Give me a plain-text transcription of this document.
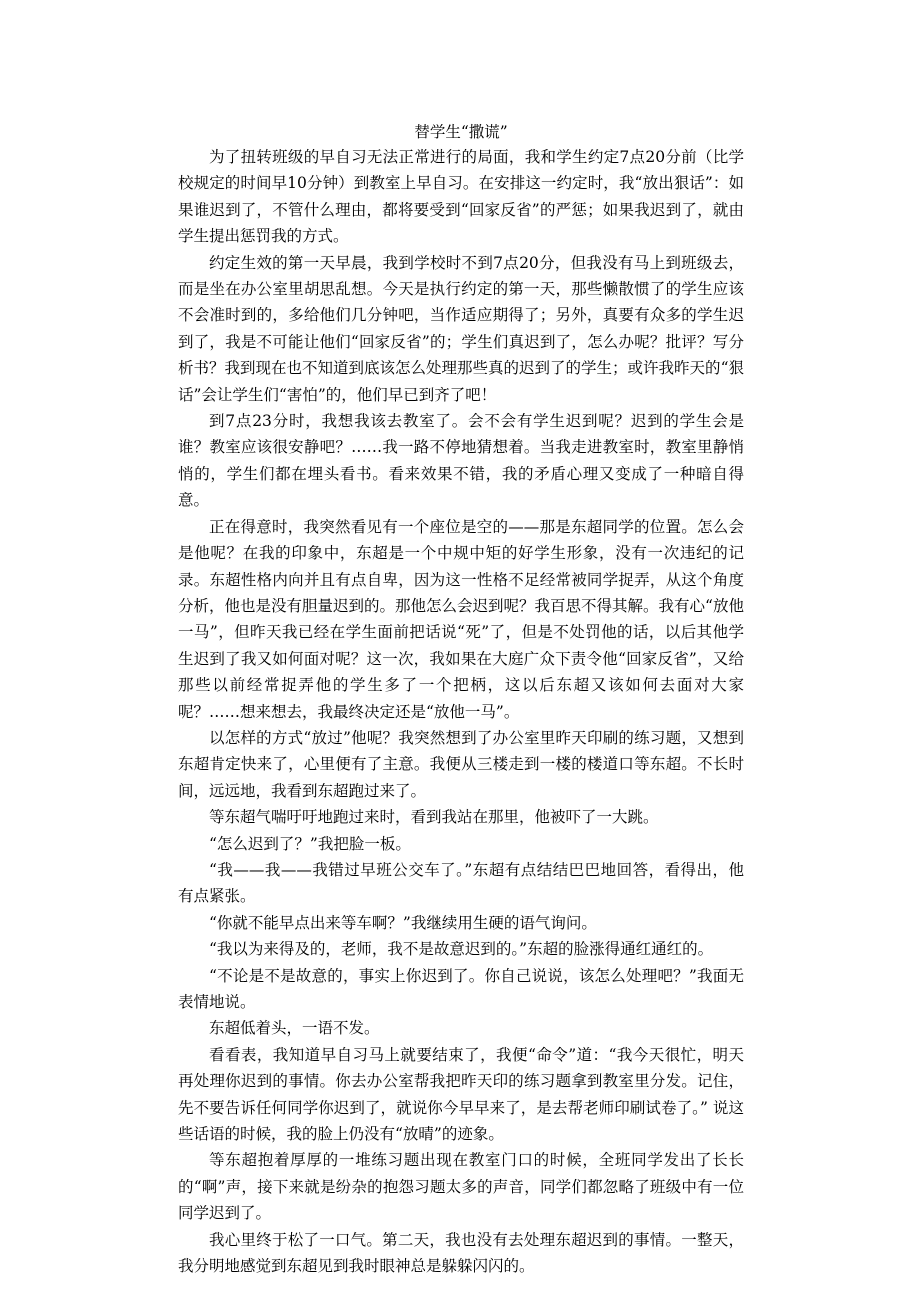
替学生“撒谎”

为了扭转班级的早自习无法正常进行的局面，我和学生约定7点20分前（比学校规定的时间早10分钟）到教室上早自习。在安排这一约定时，我“放出狠话”：如果谁迟到了，不管什么理由，都将要受到“回家反省”的严惩；如果我迟到了，就由学生提出惩罚我的方式。

约定生效的第一天早晨，我到学校时不到7点20分，但我没有马上到班级去，而是坐在办公室里胡思乱想。今天是执行约定的第一天，那些懒散惯了的学生应该不会准时到的，多给他们几分钟吧，当作适应期得了；另外，真要有众多的学生迟到了，我是不可能让他们“回家反省”的；学生们真迟到了，怎么办呢？批评？写分析书？我到现在也不知道到底该怎么处理那些真的迟到了的学生；或许我昨天的“狠话”会让学生们“害怕”的，他们早已到齐了吧！

到7点23分时，我想我该去教室了。会不会有学生迟到呢？迟到的学生会是谁？教室应该很安静吧？……我一路不停地猜想着。当我走进教室时，教室里静悄悄的，学生们都在埋头看书。看来效果不错，我的矛盾心理又变成了一种暗自得意。

正在得意时，我突然看见有一个座位是空的——那是东超同学的位置。怎么会是他呢？在我的印象中，东超是一个中规中矩的好学生形象，没有一次违纪的记录。东超性格内向并且有点自卑，因为这一性格不足经常被同学捉弄，从这个角度分析，他也是没有胆量迟到的。那他怎么会迟到呢？我百思不得其解。我有心“放他一马”，但昨天我已经在学生面前把话说“死”了，但是不处罚他的话，以后其他学生迟到了我又如何面对呢？这一次，我如果在大庭广众下责令他“回家反省”，又给那些以前经常捉弄他的学生多了一个把柄，这以后东超又该如何去面对大家呢？……想来想去，我最终决定还是“放他一马”。

以怎样的方式“放过”他呢？我突然想到了办公室里昨天印刷的练习题，又想到东超肯定快来了，心里便有了主意。我便从三楼走到一楼的楼道口等东超。不长时间，远远地，我看到东超跑过来了。

等东超气喘吁吁地跑过来时，看到我站在那里，他被吓了一大跳。

“怎么迟到了？”我把脸一板。

“我——我——我错过早班公交车了。”东超有点结结巴巴地回答，看得出，他有点紧张。

“你就不能早点出来等车啊？”我继续用生硬的语气询问。

“我以为来得及的，老师，我不是故意迟到的。”东超的脸涨得通红通红的。

“不论是不是故意的，事实上你迟到了。你自己说说，该怎么处理吧？”我面无表情地说。

东超低着头，一语不发。

看看表，我知道早自习马上就要结束了，我便“命令”道：“我今天很忙，明天再处理你迟到的事情。你去办公室帮我把昨天印的练习题拿到教室里分发。记住，先不要告诉任何同学你迟到了，就说你今早早来了，是去帮老师印刷试卷了。” 说这些话语的时候，我的脸上仍没有“放晴”的迹象。

等东超抱着厚厚的一堆练习题出现在教室门口的时候，全班同学发出了长长的“啊”声，接下来就是纷杂的抱怨习题太多的声音，同学们都忽略了班级中有一位同学迟到了。

我心里终于松了一口气。第二天，我也没有去处理东超迟到的事情。一整天，我分明地感觉到东超见到我时眼神总是躲躲闪闪的。
